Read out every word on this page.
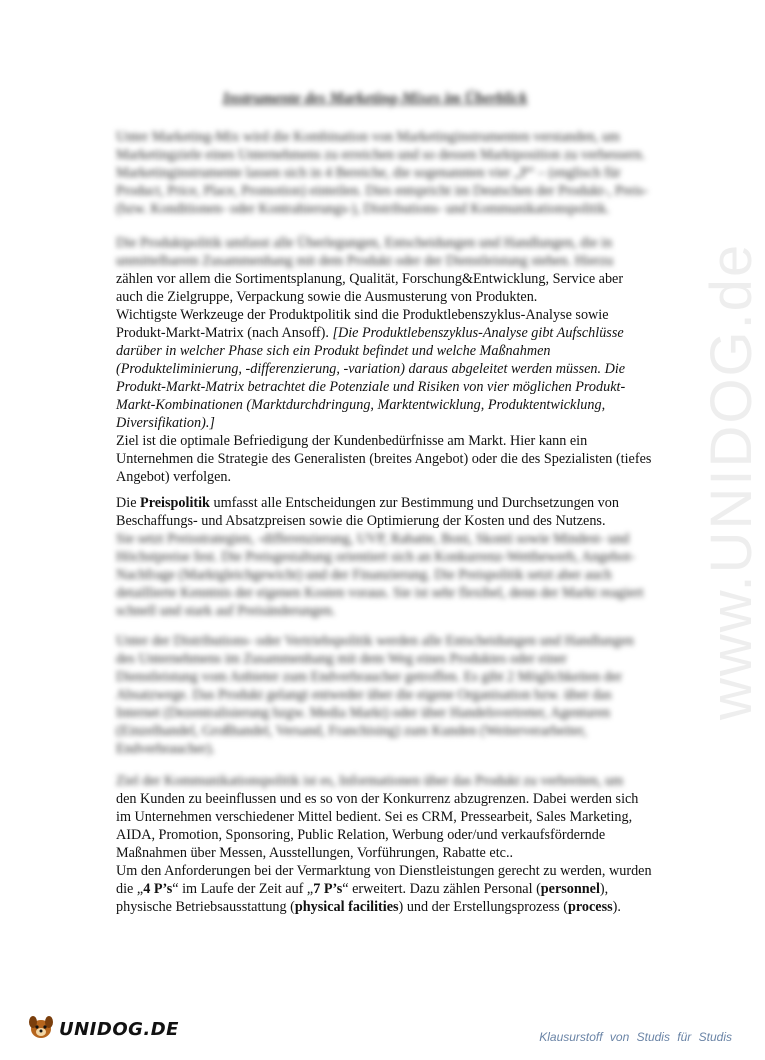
www.UNIDOG.de
Instrumente des Marketing-Mixes im Überblick

Unter Marketing-Mix wird die Kombination von Marketinginstrumenten verstanden, um Marketingziele eines Unternehmens zu erreichen und so dessen Marktposition zu verbessern. Marketinginstrumente lassen sich in 4 Bereiche, die sogenannten vier „P“ – (englisch für Product, Price, Place, Promotion) einteilen. Dies entspricht im Deutschen der Produkt-, Preis- (bzw. Konditionen- oder Kontrahierungs-), Distributions- und Kommunikationspolitik.

Die Produktpolitik umfasst alle Überlegungen, Entscheidungen und Handlungen, die in unmittelbarem Zusammenhang mit dem Produkt oder der Dienstleistung stehen. Hierzu

zählen vor allem die Sortimentsplanung, Qualität, Forschung&Entwicklung, Service aber

auch die Zielgruppe, Verpackung sowie die Ausmusterung von Produkten.

Wichtigste Werkzeuge der Produktpolitik sind die Produktlebenszyklus-Analyse sowie

Produkt-Markt-Matrix (nach Ansoff). [Die Produktlebenszyklus-Analyse gibt Aufschlüsse darüber in welcher Phase sich ein Produkt befindet und welche Maßnahmen (Produkteliminierung, -differenzierung, -variation) daraus abgeleitet werden müssen. Die Produkt-Markt-Matrix betrachtet die Potenziale und Risiken von vier möglichen Produkt-Markt-Kombinationen (Marktdurchdringung, Marktentwicklung, Produktentwicklung, Diversifikation).]

Ziel ist die optimale Befriedigung der Kundenbedürfnisse am Markt. Hier kann ein Unternehmen die Strategie des Generalisten (breites Angebot) oder die des Spezialisten (tiefes Angebot) verfolgen.

Die Preispolitik umfasst alle Entscheidungen zur Bestimmung und Durchsetzungen von Beschaffungs- und Absatzpreisen sowie die Optimierung der Kosten und des Nutzens.

Sie setzt Preisstrategien, -differenzierung, UVP, Rabatte, Boni, Skonti sowie Mindest- und Höchstpreise fest. Die Preisgestaltung orientiert sich an Konkurrenz-Wettbewerb, Angebot-Nachfrage (Marktgleichgewicht) und der Finanzierung. Die Preispolitik setzt aber auch detaillierte Kenntnis der eigenen Kosten voraus. Sie ist sehr flexibel, denn der Markt reagiert schnell und stark auf Preisänderungen.

Unter der Distributions- oder Vertriebspolitik werden alle Entscheidungen und Handlungen des Unternehmens im Zusammenhang mit dem Weg eines Produktes oder einer Dienstleistung vom Anbieter zum Endverbraucher getroffen. Es gibt 2 Möglichkeiten der Absatzwege. Das Produkt gelangt entweder über die eigene Organisation bzw. über das Internet (Dezentralisierung bzgw. Media Markt) oder über Handelsvertreter, Agenturen (Einzelhandel, Großhandel, Versand, Franchising) zum Kunden (Weiterverarbeiter, Endverbraucher).

Ziel der Kommunikationspolitik ist es, Informationen über das Produkt zu verbreiten, um

den Kunden zu beeinflussen und es so von der Konkurrenz abzugrenzen. Dabei werden sich im Unternehmen verschiedener Mittel bedient. Sei es CRM, Pressearbeit, Sales Marketing, AIDA, Promotion, Sponsoring, Public Relation, Werbung oder/und verkaufsfördernde Maßnahmen über Messen, Ausstellungen, Vorführungen, Rabatte etc..

Um den Anforderungen bei der Vermarktung von Dienstleistungen gerecht zu werden, wurden die „4 P’s“ im Laufe der Zeit auf „7 P’s“ erweitert. Dazu zählen Personal (personnel), physische Betriebsausstattung (physical facilities) und der Erstellungsprozess (process).

UNIDOG.DE	Klausurstoff von Studis für Studis
